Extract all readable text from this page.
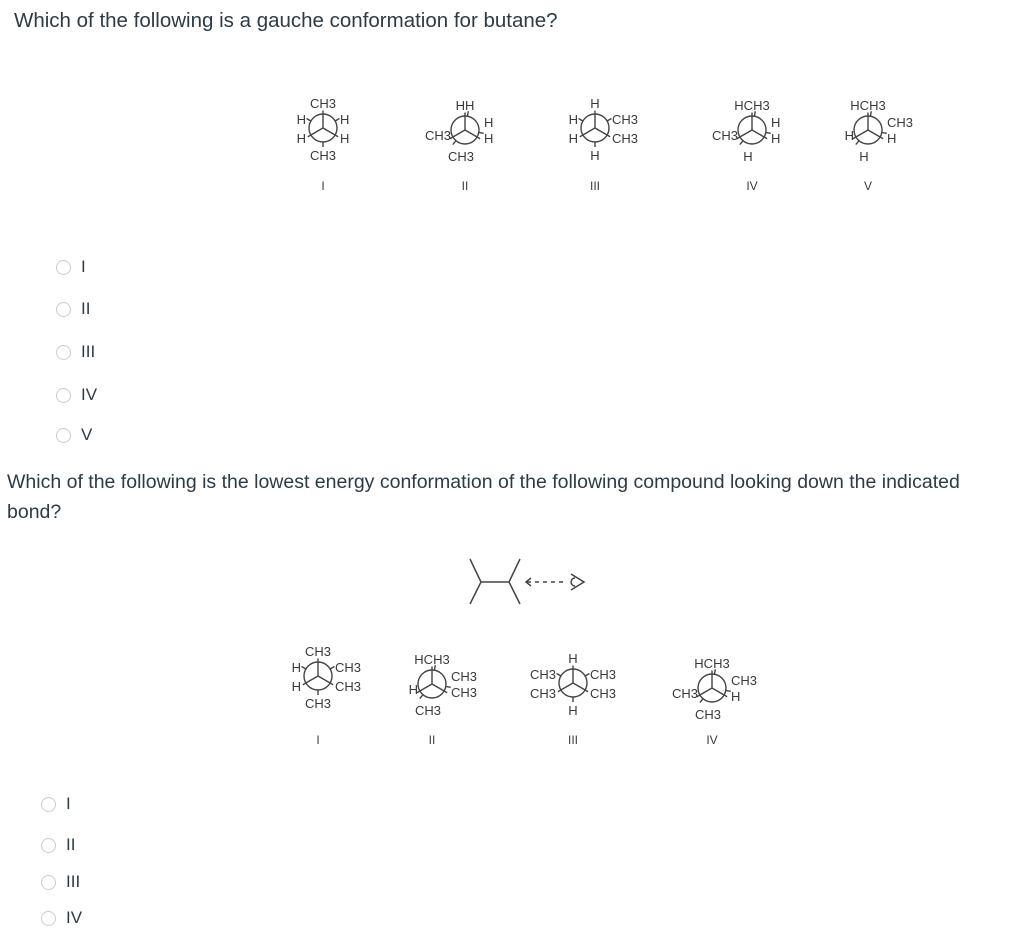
Which of the following is a gauche conformation for butane?
Which of the following is the lowest energy conformation of the following compound looking down the indicated bond?
CH3
H	H
H	H
CH3
I
HH
H
H
CH3
CH3
II
H
H	CH3
H	CH3
H
III
HCH3
H
H
CH3
H
IV
HCH3
CH3
H
H
H
V
CH3
H	CH3
H	CH3
CH3
I
HCH3
CH3
CH3
H
CH3
II
H
CH3	CH3
CH3	CH3
H
III
HCH3
CH3
H
CH3
CH3
IV
I
II
III
IV
V
I
II
III
IV
